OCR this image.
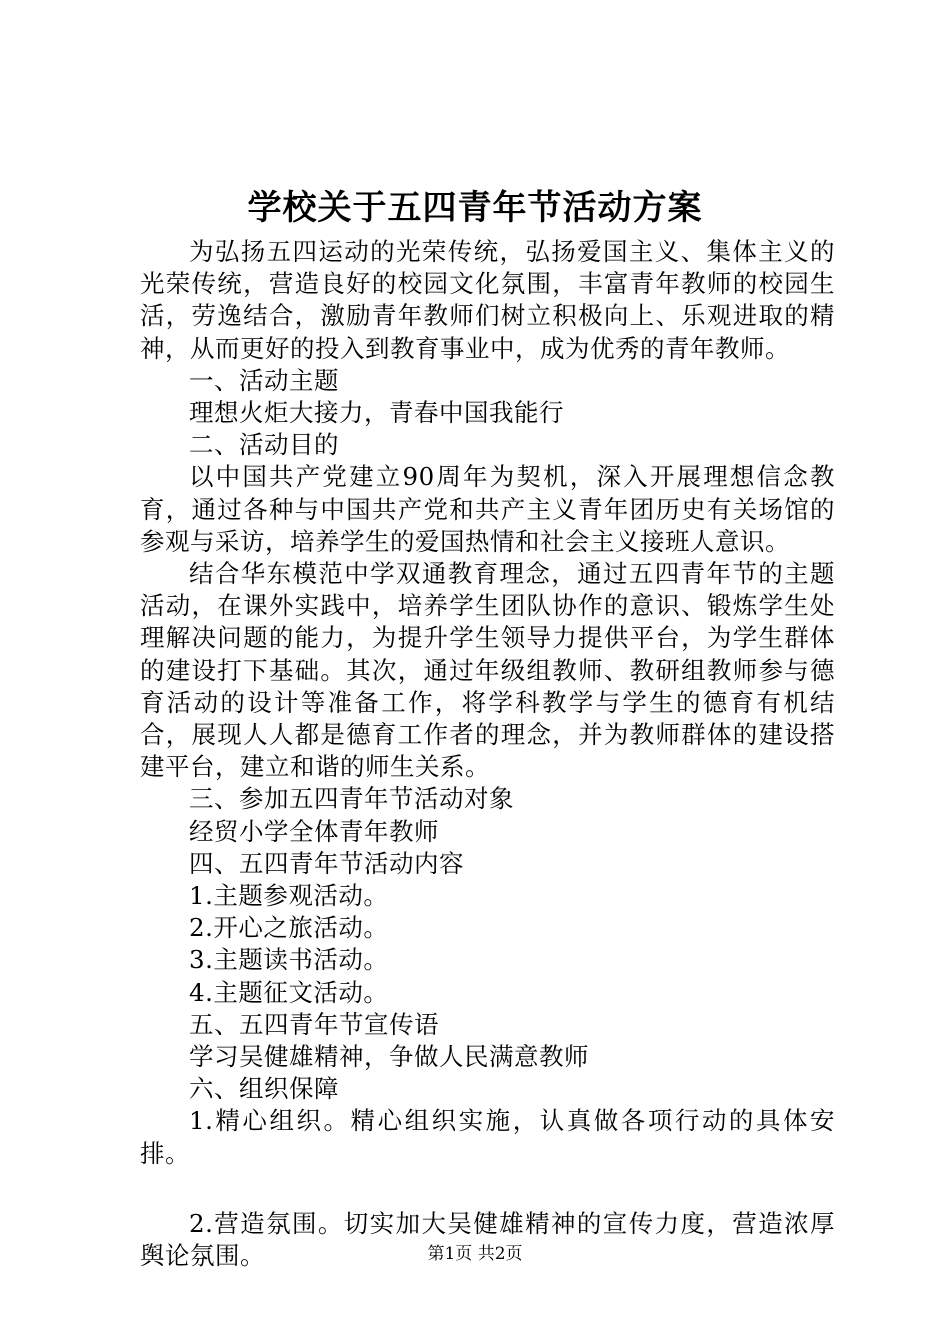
学校关于五四青年节活动方案

为弘扬五四运动的光荣传统，弘扬爱国主义、集体主义的光荣传统，营造良好的校园文化氛围，丰富青年教师的校园生活，劳逸结合，激励青年教师们树立积极向上、乐观进取的精神，从而更好的投入到教育事业中，成为优秀的青年教师。

一、活动主题

理想火炬大接力，青春中国我能行

二、活动目的

以中国共产党建立90周年为契机，深入开展理想信念教育，通过各种与中国共产党和共产主义青年团历史有关场馆的参观与采访，培养学生的爱国热情和社会主义接班人意识。

结合华东模范中学双通教育理念，通过五四青年节的主题活动，在课外实践中，培养学生团队协作的意识、锻炼学生处理解决问题的能力，为提升学生领导力提供平台，为学生群体的建设打下基础。其次，通过年级组教师、教研组教师参与德育活动的设计等准备工作，将学科教学与学生的德育有机结合，展现人人都是德育工作者的理念，并为教师群体的建设搭建平台，建立和谐的师生关系。

三、参加五四青年节活动对象

经贸小学全体青年教师

四、五四青年节活动内容

1.主题参观活动。

2.开心之旅活动。

3.主题读书活动。

4.主题征文活动。

五、五四青年节宣传语

学习吴健雄精神，争做人民满意教师

六、组织保障

1.精心组织。精心组织实施，认真做各项行动的具体安排。

2.营造氛围。切实加大吴健雄精神的宣传力度，营造浓厚舆论氛围。	第1页 共2页
